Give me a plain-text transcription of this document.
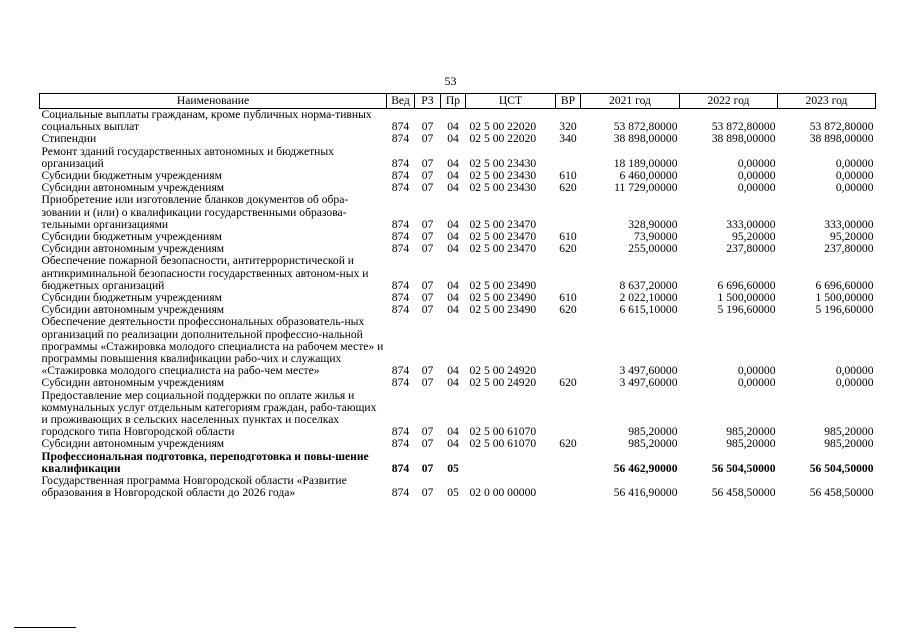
53
Наименование	Вед	РЗ	Пр	ЦСТ	ВР	2021 год	2022 год	2023 год
Социальные выплаты гражданам, кроме публичных норма-тивных социальных выплат	874	07	04	02 5 00 22020	320	53 872,80000	53 872,80000	53 872,80000
Стипендии	874	07	04	02 5 00 22020	340	38 898,00000	38 898,00000	38 898,00000
Ремонт зданий государственных автономных и бюджетных организаций	874	07	04	02 5 00 23430		18 189,00000	0,00000	0,00000
Субсидии бюджетным учреждениям	874	07	04	02 5 00 23430	610	6 460,00000	0,00000	0,00000
Субсидии автономным учреждениям	874	07	04	02 5 00 23430	620	11 729,00000	0,00000	0,00000
Приобретение или изготовление бланков документов об обра-зовании и (или) о квалификации государственными образова-тельными организациями	874	07	04	02 5 00 23470		328,90000	333,00000	333,00000
Субсидии бюджетным учреждениям	874	07	04	02 5 00 23470	610	73,90000	95,20000	95,20000
Субсидии автономным учреждениям	874	07	04	02 5 00 23470	620	255,00000	237,80000	237,80000
Обеспечение пожарной безопасности, антитеррористической и антикриминальной безопасности государственных автоном-ных и бюджетных организаций	874	07	04	02 5 00 23490		8 637,20000	6 696,60000	6 696,60000
Субсидии бюджетным учреждениям	874	07	04	02 5 00 23490	610	2 022,10000	1 500,00000	1 500,00000
Субсидии автономным учреждениям	874	07	04	02 5 00 23490	620	6 615,10000	5 196,60000	5 196,60000
Обеспечение деятельности профессиональных образователь-ных организаций по реализации дополнительной профессио-нальной программы «Стажировка молодого специалиста на рабочем месте» и программы повышения квалификации рабо-чих и служащих «Стажировка молодого специалиста на рабо-чем месте»	874	07	04	02 5 00 24920		3 497,60000	0,00000	0,00000
Субсидии автономным учреждениям	874	07	04	02 5 00 24920	620	3 497,60000	0,00000	0,00000
Предоставление мер социальной поддержки по оплате жилья и коммунальных услуг отдельным категориям граждан, рабо-тающих и проживающих в сельских населенных пунктах и поселках городского типа Новгородской области	874	07	04	02 5 00 61070		985,20000	985,20000	985,20000
Субсидии автономным учреждениям	874	07	04	02 5 00 61070	620	985,20000	985,20000	985,20000
Профессиональная подготовка, переподготовка и повы-шение квалификации	874	07	05			56 462,90000	56 504,50000	56 504,50000
Государственная программа Новгородской области «Развитие образования в Новгородской области до 2026 года»	874	07	05	02 0 00 00000		56 416,90000	56 458,50000	56 458,50000
